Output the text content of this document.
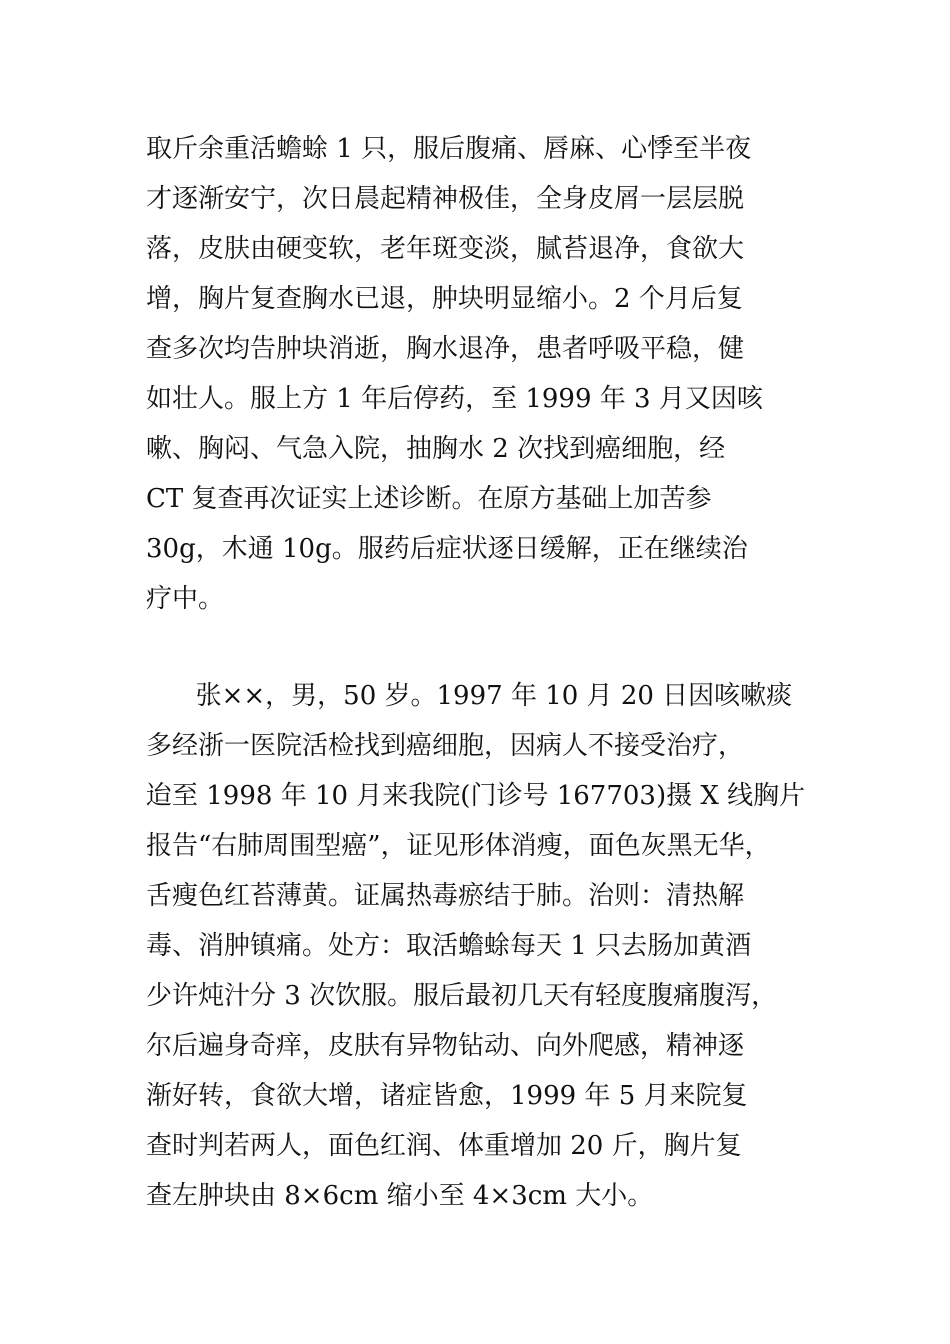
取斤余重活蟾蜍 1 只，服后腹痛、唇麻、心悸至半夜
才逐渐安宁，次日晨起精神极佳，全身皮屑一层层脱
落，皮肤由硬变软，老年斑变淡，腻苔退净，食欲大
增，胸片复查胸水已退，肿块明显缩小。2 个月后复
查多次均告肿块消逝，胸水退净，患者呼吸平稳，健
如壮人。服上方 1 年后停药，至 1999 年 3 月又因咳
嗽、胸闷、气急入院，抽胸水 2 次找到癌细胞，经
CT 复查再次证实上述诊断。在原方基础上加苦参
30g，木通 10g。服药后症状逐日缓解，正在继续治
疗中。

张××，男，50 岁。1997 年 10 月 20 日因咳嗽痰
多经浙一医院活检找到癌细胞，因病人不接受治疗，
迨至 1998 年 10 月来我院(门诊号 167703)摄 X 线胸片
报告“右肺周围型癌”，证见形体消瘦，面色灰黑无华，
舌瘦色红苔薄黄。证属热毒瘀结于肺。治则：清热解
毒、消肿镇痛。处方：取活蟾蜍每天 1 只去肠加黄酒
少许炖汁分 3 次饮服。服后最初几天有轻度腹痛腹泻，
尔后遍身奇痒，皮肤有异物钻动、向外爬感，精神逐
渐好转，食欲大增，诸症皆愈，1999 年 5 月来院复
查时判若两人，面色红润、体重增加 20 斤，胸片复
查左肿块由 8×6cm 缩小至 4×3cm 大小。
